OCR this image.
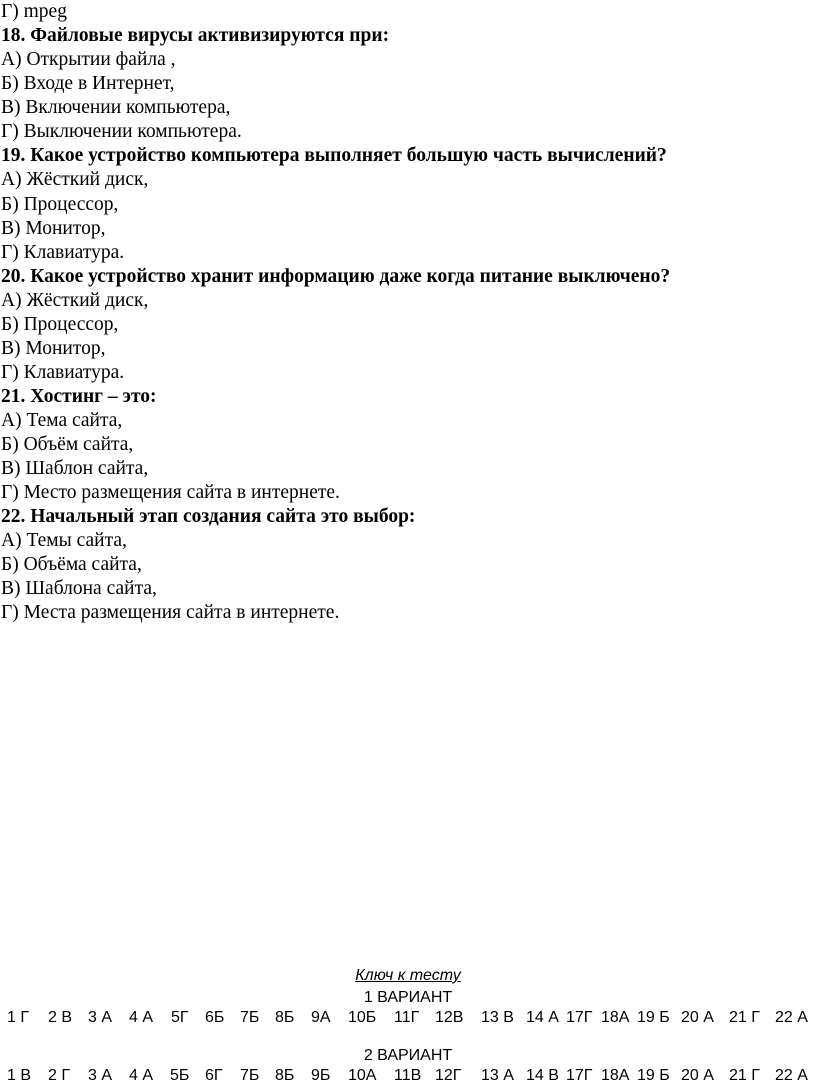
Г) mpeg
18. Файловые вирусы активизируются при:
А) Открытии файла ,
Б) Входе в Интернет,
В) Включении компьютера,
Г) Выключении компьютера.
19. Какое устройство компьютера выполняет большую часть вычислений?
А) Жёсткий диск,
Б) Процессор,
В) Монитор,
Г) Клавиатура.
20. Какое устройство хранит информацию даже когда питание выключено?
А) Жёсткий диск,
Б) Процессор,
В) Монитор,
Г) Клавиатура.
21. Хостинг – это:
А) Тема сайта,
Б) Объём сайта,
В) Шаблон сайта,
Г) Место размещения сайта в интернете.
22. Начальный этап создания сайта это выбор:
А) Темы сайта,
Б) Объёма сайта,
В) Шаблона сайта,
Г) Места размещения сайта в интернете.
Ключ к тесту
1 ВАРИАНТ
1 Г 2 В 3 А 4 А 5Г 6Б 7Б 8Б 9А 10Б 11Г 12В 13 В 14 А 17Г 18А 19 Б 20 А 21 Г 22 А
2 ВАРИАНТ
1 В 2 Г 3 А 4 А 5Б 6Г 7Б 8Б 9Б 10А 11В 12Г 13 А 14 В 17Г 18А 19 Б 20 А 21 Г 22 А
